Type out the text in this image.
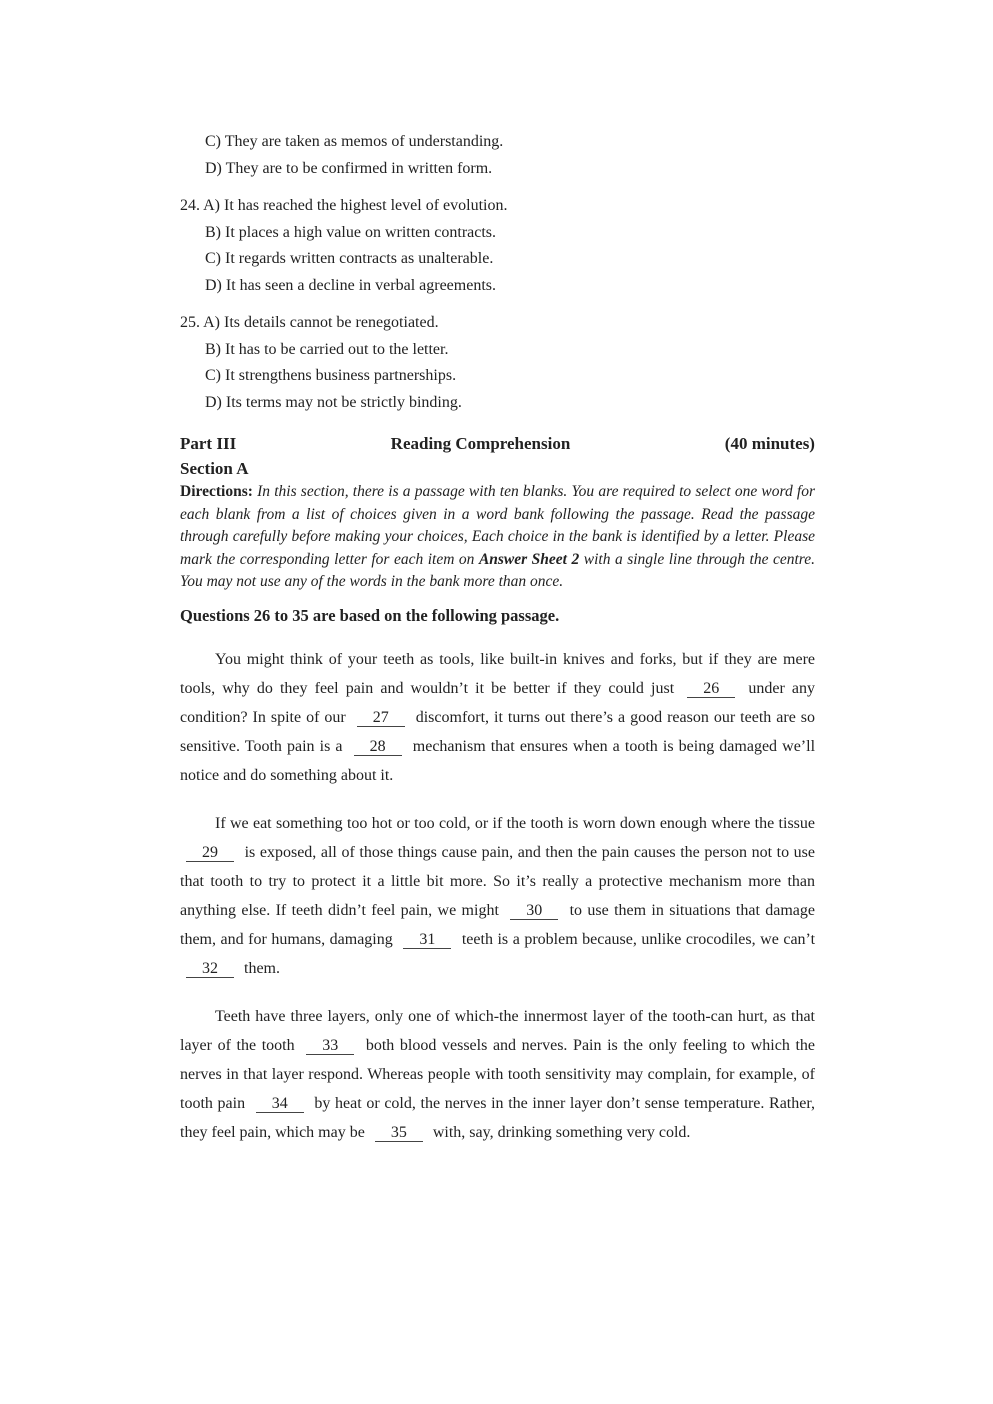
C) They are taken as memos of understanding.
D) They are to be confirmed in written form.
24. A) It has reached the highest level of evolution.
B) It places a high value on written contracts.
C) It regards written contracts as unalterable.
D) It has seen a decline in verbal agreements.
25. A) Its details cannot be renegotiated.
B) It has to be carried out to the letter.
C) It strengthens business partnerships.
D) Its terms may not be strictly binding.
Part III	Reading Comprehension	(40 minutes)
Section A
Directions: In this section, there is a passage with ten blanks. You are required to select one word for each blank from a list of choices given in a word bank following the passage. Read the passage through carefully before making your choices, Each choice in the bank is identified by a letter. Please mark the corresponding letter for each item on Answer Sheet 2 with a single line through the centre. You may not use any of the words in the bank more than once.
Questions 26 to 35 are based on the following passage.
You might think of your teeth as tools, like built-in knives and forks, but if they are mere tools, why do they feel pain and wouldn’t it be better if they could just 26 under any condition? In spite of our 27 discomfort, it turns out there’s a good reason our teeth are so sensitive. Tooth pain is a 28 mechanism that ensures when a tooth is being damaged we’ll notice and do something about it.
If we eat something too hot or too cold, or if the tooth is worn down enough where the tissue 29 is exposed, all of those things cause pain, and then the pain causes the person not to use that tooth to try to protect it a little bit more. So it’s really a protective mechanism more than anything else. If teeth didn’t feel pain, we might 30 to use them in situations that damage them, and for humans, damaging 31 teeth is a problem because, unlike crocodiles, we can’t 32 them.
Teeth have three layers, only one of which-the innermost layer of the tooth-can hurt, as that layer of the tooth 33 both blood vessels and nerves. Pain is the only feeling to which the nerves in that layer respond. Whereas people with tooth sensitivity may complain, for example, of tooth pain 34 by heat or cold, the nerves in the inner layer don’t sense temperature. Rather, they feel pain, which may be 35 with, say, drinking something very cold.
